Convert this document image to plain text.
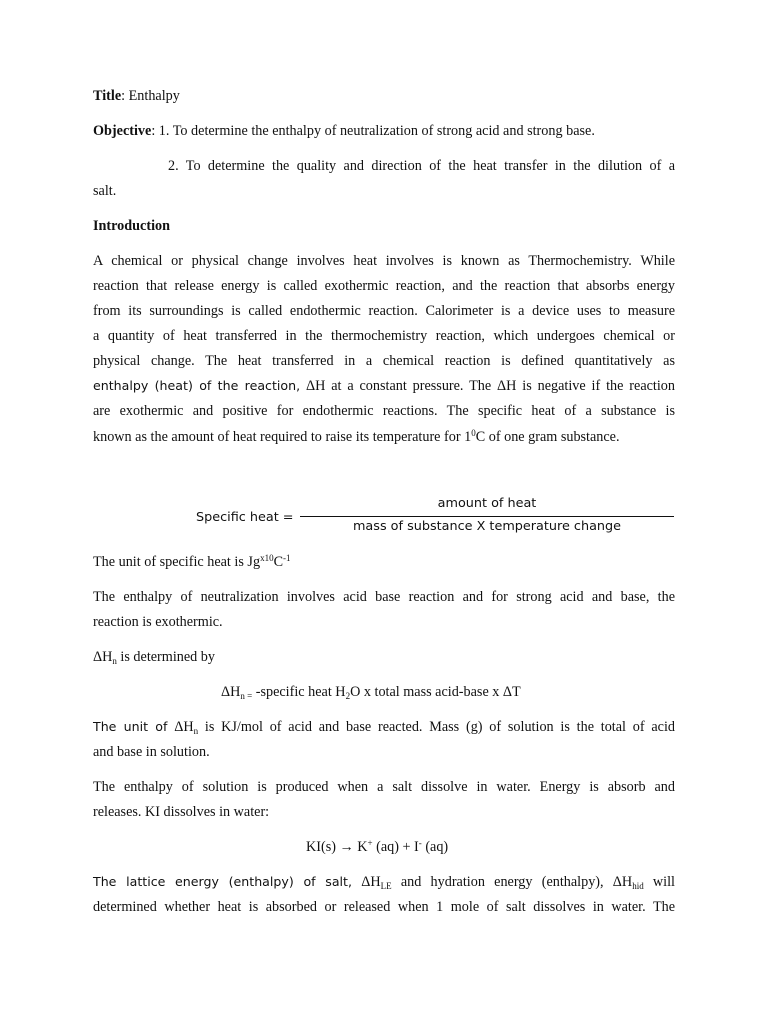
Title: Enthalpy
Objective: 1. To determine the enthalpy of neutralization of strong acid and strong base.
2. To determine the quality and direction of the heat transfer in the dilution of a
salt.
Introduction
A chemical or physical change involves heat involves is known as Thermochemistry. While
reaction that release energy is called exothermic reaction, and the reaction that absorbs energy
from its surroundings is called endothermic reaction. Calorimeter is a device uses to measure
a quantity of heat transferred in the thermochemistry reaction, which undergoes chemical or
physical change. The heat transferred in a chemical reaction is defined quantitatively as
enthalpy (heat) of the reaction, ΔH at a constant pressure. The ΔH is negative if the reaction
are exothermic and positive for endothermic reactions. The specific heat of a substance is
known as the amount of heat required to raise its temperature for $1^0C$ of one gram substance.
Specific heat =
amount of heat
mass of substance X temperature change
The unit of specific heat is $Jg^{x10}C^{-1}$
The enthalpy of neutralization involves acid base reaction and for strong acid and base, the
reaction is exothermic.
$\Delta H_n$ is determined by
$\Delta H_{n =}$ -specific heat $H_2O$ x total mass acid-base x ΔT
The unit of $\Delta H_n$ is KJ/mol of acid and base reacted. Mass (g) of solution is the total of acid
and base in solution.
The enthalpy of solution is produced when a salt dissolve in water. Energy is absorb and
releases. KI dissolves in water:
KI(s) → K+ (aq) + I- (aq)
The lattice energy (enthalpy) of salt, $\Delta H_{LE}$ and hydration energy (enthalpy), $\Delta H_{hid}$ will
determined whether heat is absorbed or released when 1 mole of salt dissolves in water. The
